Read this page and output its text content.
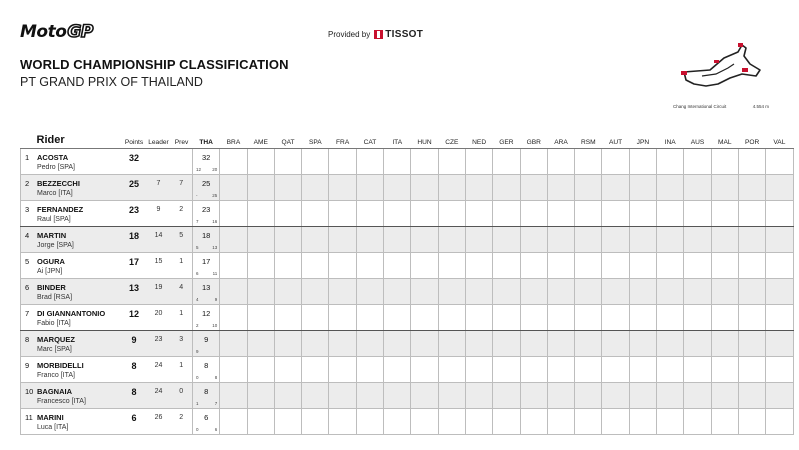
Moto GP	Provided by TISSOT
WORLD CHAMPIONSHIP CLASSIFICATION
PT GRAND PRIX OF THAILAND
Chang International Circuit	4.554 m
Rider	Points	Leader	Prev	THA	BRA	AME	QAT	SPA	FRA	CAT	ITA	HUN	CZE	NED	GER	GBR	ARA	RSM	AUT	JPN	INA	AUS	MAL	POR	VAL

1 ACOSTA
Pedro [SPA]	32			32
12 20																					

2 BEZZECCHI
Marco [ITA]	25	7	7	25
- 25																					

3 FERNANDEZ
Raul [SPA]	23	9	2	23
7 16																					

4 MARTIN
Jorge [SPA]	18	14	5	18
5 13																					

5 OGURA
Ai [JPN]	17	15	1	17
6 11																					

6 BINDER
Brad [RSA]	13	19	4	13
4 9																					

7 DI GIANNANTONIO
Fabio [ITA]	12	20	1	12
2 10																					

8 MARQUEZ
Marc [SPA]	9	23	3	9
9																					

9 MORBIDELLI
Franco [ITA]	8	24	1	8
0 8																					

10 BAGNAIA
Francesco [ITA]	8	24	0	8
1 7																					

11 MARINI
Luca [ITA]	6	26	2	6
0 6																					
